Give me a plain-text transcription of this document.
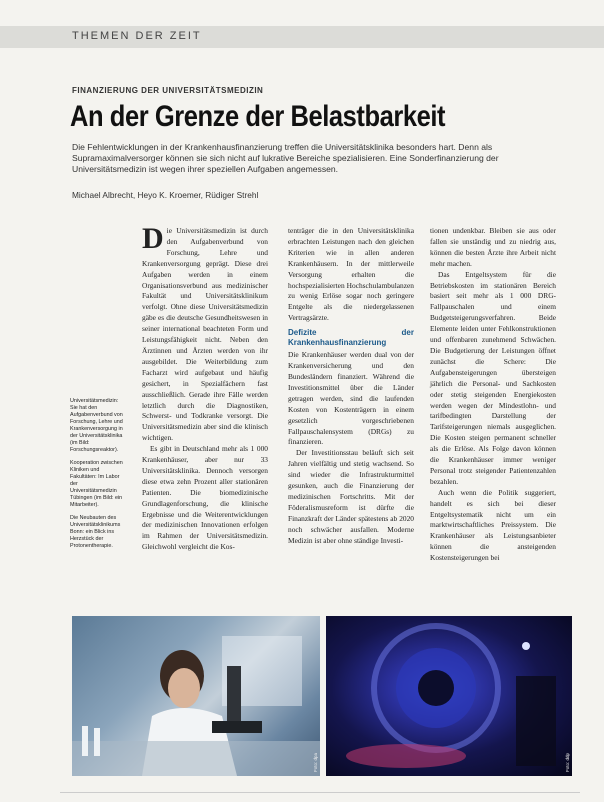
THEMEN DER ZEIT
FINANZIERUNG DER UNIVERSITÄTSMEDIZIN
An der Grenze der Belastbarkeit
Die Fehlentwicklungen in der Krankenhausfinanzierung treffen die Universitätsklinika besonders hart. Denn als Supramaximalversorger können sie sich nicht auf lukrative Bereiche spezialisieren. Eine Sonderfinanzierung der Universitätsmedizin ist wegen ihrer speziellen Aufgaben angemessen.
Michael Albrecht, Heyo K. Kroemer, Rüdiger Strehl

Universitätsmedizin: Sie hat den Aufgabenverbund von Forschung, Lehre und Krankenversorgung in der Universitätsklinika (im Bild: Forschungsreaktor).

Kooperation zwischen Kliniken und Fakultäten: Im Labor der Universitätsmedizin Tübingen (im Bild: ein Mitarbeiter).

Die Neubauten des Universitätsklinikums Bonn: ein Blick ins Herzstück der Protonentherapie.

D ie Universitätsmedizin ist durch den Aufgabenverbund von Forschung, Lehre und Krankenversorgung geprägt. Diese drei Aufgaben werden in einem Organisationsverbund aus medizinischer Fakultät und Universitätsklinikum verfolgt. Ohne diese Universitätsmedizin gäbe es die deutsche Gesundheitswesen in seiner international beachteten Form und Leistungsfähigkeit nicht. Neben den Ärztinnen und Ärzten werden von ihr ausgebildet. Die Weiterbildung zum Facharzt wird aufgebaut und häufig gesichert, in Spezialfächern fast ausschließlich. Gerade ihre Fälle werden letztlich durch die Diagnostiken, Schwerst- und Todkranke versorgt. Die Universitätsmedizin aber sind die klinisch wichtigen.

Es gibt in Deutschland mehr als 1 000 Krankenhäuser, aber nur 33 Universitätsklinika. Dennoch versorgen diese etwa zehn Prozent aller stationären Patienten. Die biomedizinische Grundlagenforschung, die klinische Ergebnisse und die Weiterentwicklungen der medizinischen Innovationen erfolgen im Rahmen der Universitätsmedizin. Gleichwohl vergleicht die Kos-

tenträger die in den Universitätsklinika erbrachten Leistungen nach den gleichen Kriterien wie in allen anderen Krankenhäusern. In der mittlerweile Versorgung erhalten die hochspezialisierten Hochschulambulanzen zu wenig Erlöse sogar noch geringere Entgelte als die niedergelassenen Vertragsärzte.

Defizite der Krankenhausfinanzierung

Die Krankenhäuser werden dual von der Krankenversicherung und den Bundesländern finanziert. Während die Investitionsmittel über die Länder getragen werden, sind die laufenden Kosten von Kostenträgern in einem gesetzlich vorgeschriebenen Fallpauschalensystem (DRGs) zu finanzieren.

Der Investitionsstau beläuft sich seit Jahren vielfältig und stetig wachsend. So sind wieder die Infrastrukturmittel gesunken, auch die Finanzierung der medizinischen Fortschritts. Mit der Föderalismusreform ist dürfte die Finanzkraft der Länder spätestens ab 2020 noch schwächer ausfallen. Moderne Medizin ist aber ohne ständige Investi-

tionen undenkbar. Bleiben sie aus oder fallen sie unständig und zu niedrig aus, können die besten Ärzte ihre Arbeit nicht mehr machen.

Das Entgeltsystem für die Betriebskosten im stationären Bereich basiert seit mehr als 1 000 DRG-Fallpauschalen und einem Budgetsteigerungsverfahren. Beide Elemente leiden unter Fehlkonstruktionen und offenbaren zunehmend Schwächen. Die Budgetierung der Leistungen öffnet zunächst die Schere: Die Aufgabensteigerungen übersteigen jährlich die Personal- und Sachkosten oder stetig steigenden Energiekosten werden wegen der Mindestlohn- und tarifbedingten Darstellung der Tarifsteigerungen niemals ausgeglichen. Die Kosten steigen permanent schneller als die Erlöse. Als Folge davon können die Krankenhäuser immer weniger Personal trotz steigender Patientenzahlen bezahlen.

Auch wenn die Politik suggeriert, handelt es sich bei dieser Entgeltsystematik nicht um ein marktwirtschaftliches Preissystem. Die Krankenhäuser als Leistungsanbieter können die ansteigenden Kostensteigerungen bei

Foto: dpa	Foto: ddp
